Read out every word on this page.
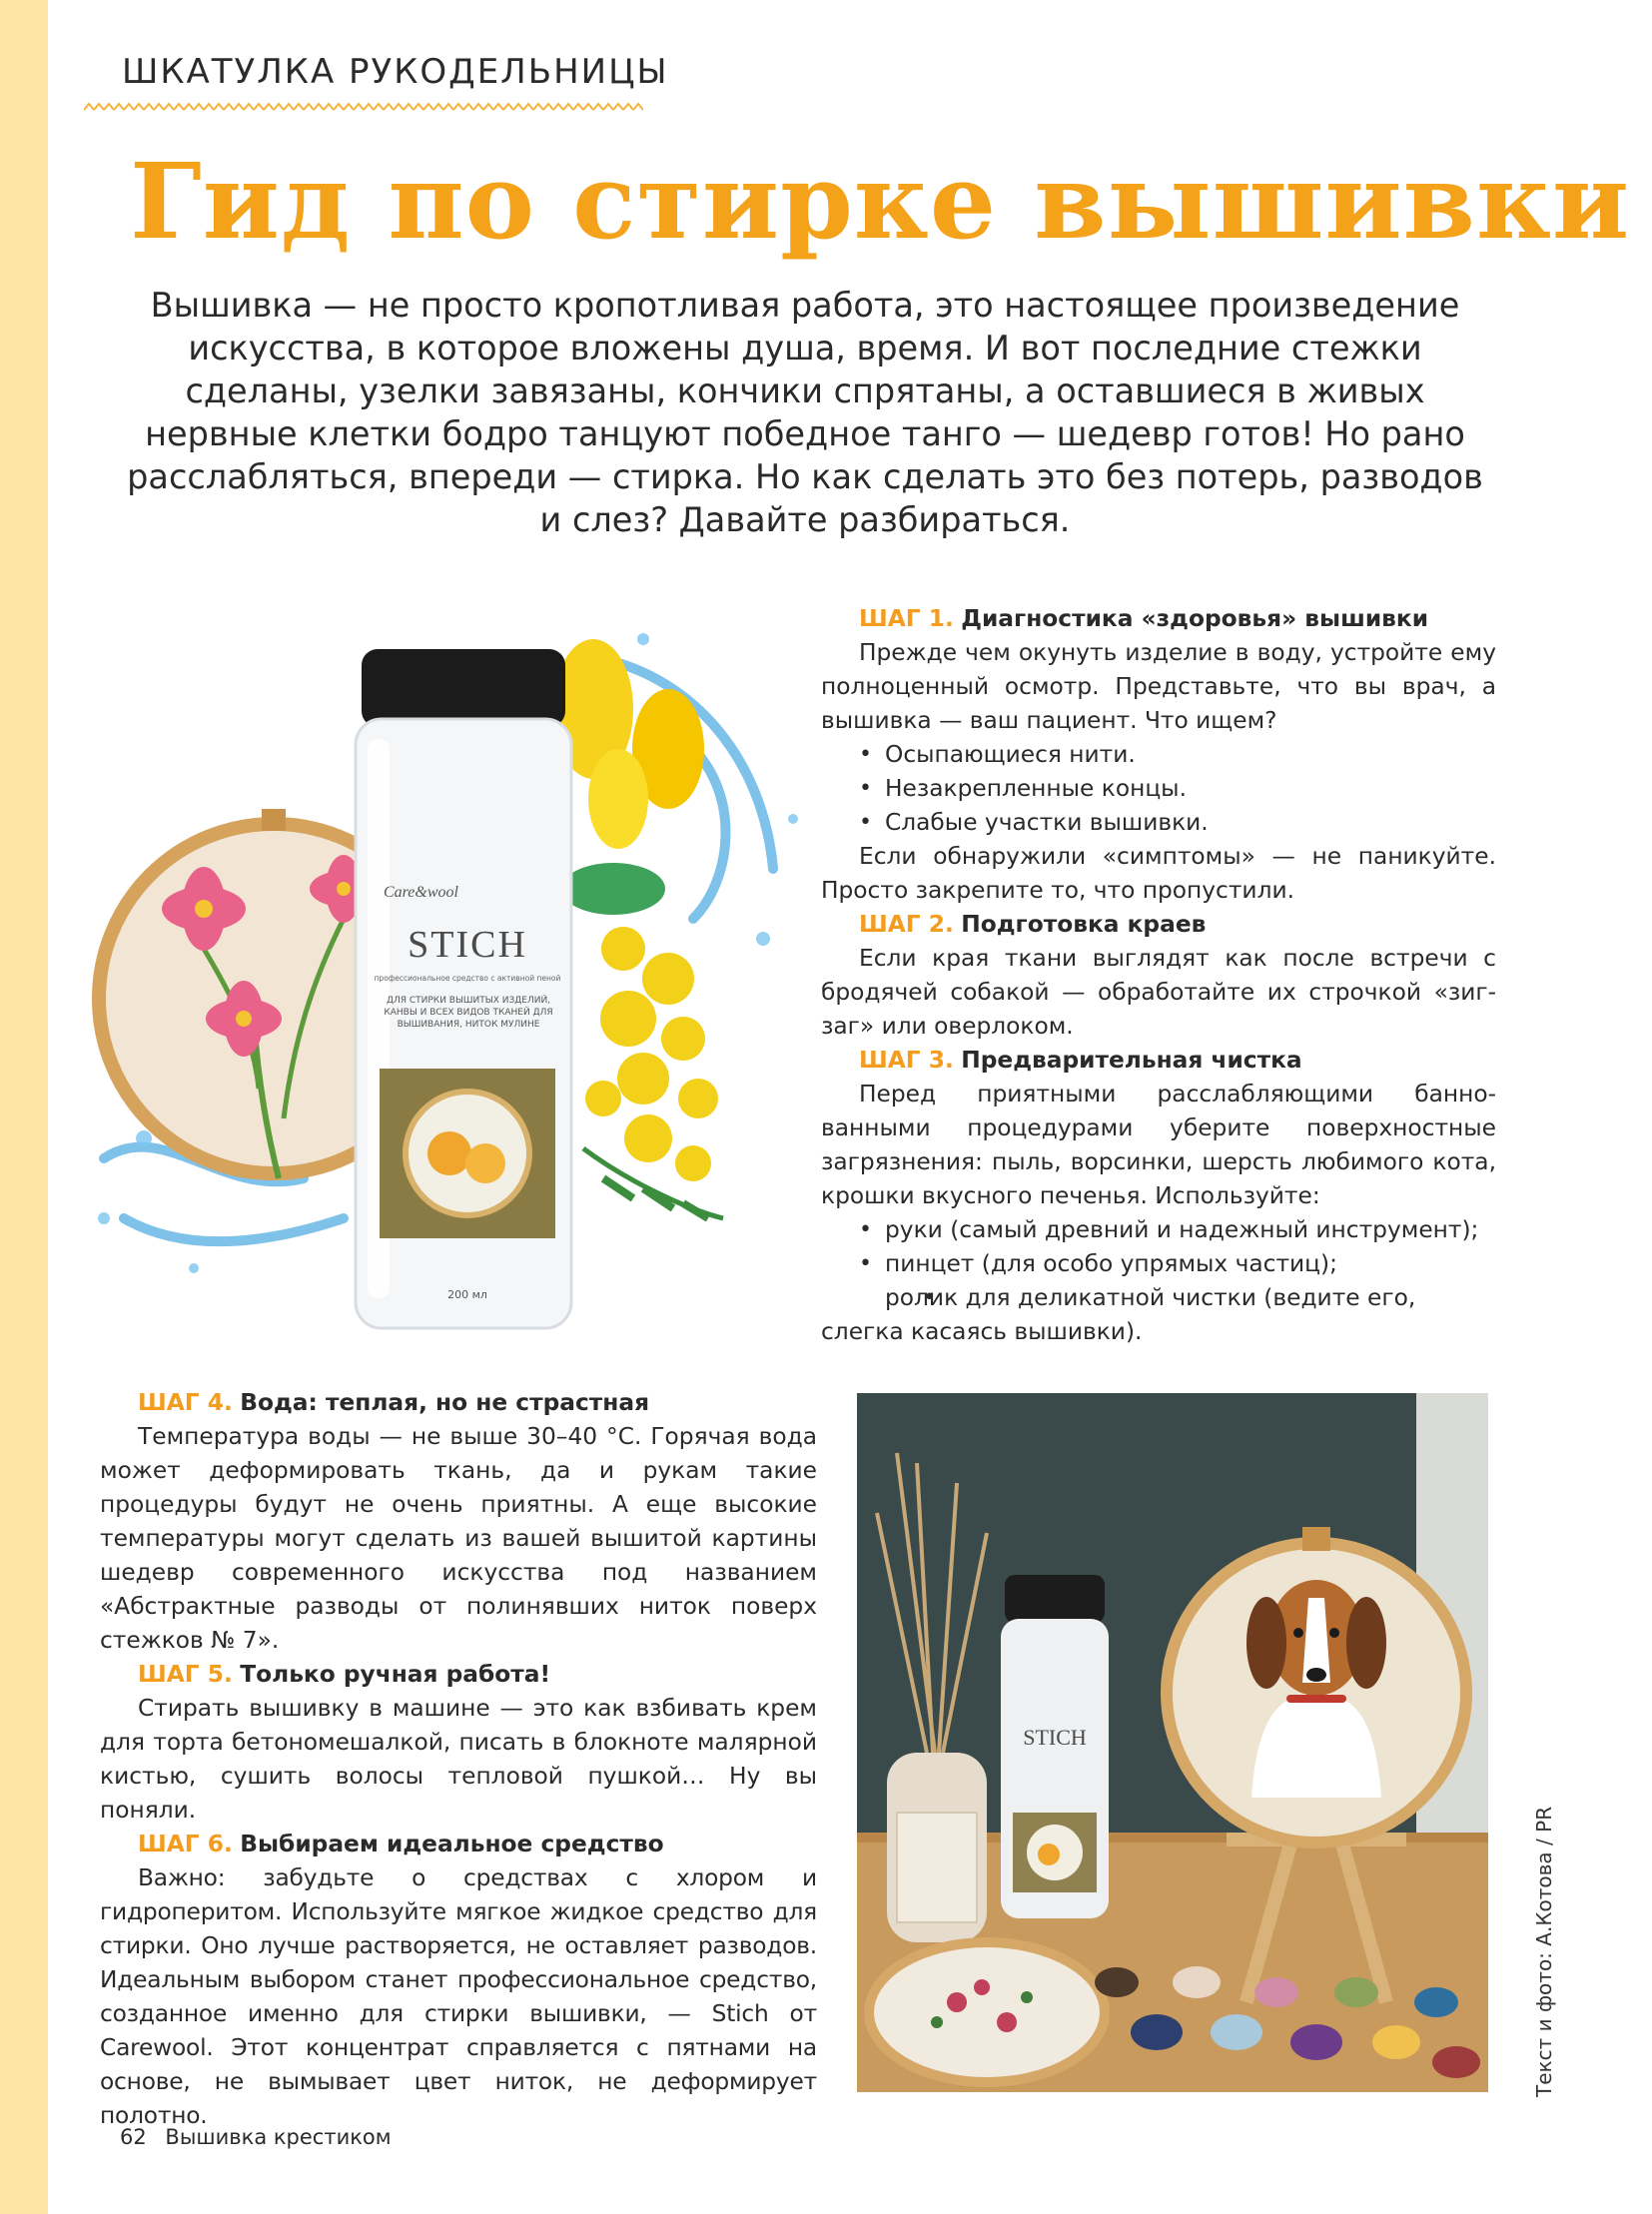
ШКАТУЛКА РУКОДЕЛЬНИЦЫ
Гид по стирке вышивки

Вышивка — не просто кропотливая работа, это настоящее произведение искусства, в которое вложены душа, время. И вот последние стежки сделаны, узелки завязаны, кончики спрятаны, а оставшиеся в живых нервные клетки бодро танцуют победное танго — шедевр готов! Но рано расслабляться, впереди — стирка. Но как сделать это без потерь, разводов и слез? Давайте разбираться.

Care&wool
STICH
профессиональное средство с активной пеной
ДЛЯ СТИРКИ ВЫШИТЫХ ИЗДЕЛИЙ, КАНВЫ И ВСЕХ ВИДОВ ТКАНЕЙ ДЛЯ ВЫШИВАНИЯ, НИТОК МУЛИНЕ
200 мл
ШАГ 1. Диагностика «здоровья» вышивки

Прежде чем окунуть изделие в воду, устройте ему полноценный осмотр. Представьте, что вы врач, а вышивка — ваш пациент. Что ищем?

• Осыпающиеся нити.
• Незакрепленные концы.
• Слабые участки вышивки.

Если обнаружили «симптомы» — не паникуйте. Просто закрепите то, что пропустили.

ШАГ 2. Подготовка краев

Если края ткани выглядят как после встречи с бродячей собакой — обработайте их строчкой «зиг-заг» или оверлоком.

ШАГ 3. Предварительная чистка

Перед приятными расслабляющими банно-ванными процедурами уберите поверхностные загрязнения: пыль, ворсинки, шерсть любимого кота, крошки вкусного печенья. Используйте:

• руки (самый древний и надежный инструмент);
• пинцет (для особо упрямых частиц);
• ролик для деликатной чистки (ведите его, слегка касаясь вышивки).
ШАГ 4. Вода: теплая, но не страстная

Температура воды — не выше 30–40 °С. Горячая вода может деформировать ткань, да и рукам такие процедуры будут не очень приятны. А еще высокие температуры могут сделать из вашей вышитой картины шедевр современного искусства под названием «Абстрактные разводы от полинявших ниток поверх стежков № 7».

ШАГ 5. Только ручная работа!

Стирать вышивку в машине — это как взбивать крем для торта бетономешалкой, писать в блокноте малярной кистью, сушить волосы тепловой пушкой… Ну вы поняли.

ШАГ 6. Выбираем идеальное средство

Важно: забудьте о средствах с хлором и гидроперитом. Используйте мягкое жидкое средство для стирки. Оно лучше растворяется, не оставляет разводов. Идеальным выбором станет профессиональное средство, созданное именно для стирки вышивки, — Stich от Carewool. Этот концентрат справляется с пятнами на основе, не вымывает цвет ниток, не деформирует полотно.

STICH
Текст и фото: А.Котова / PR
62 Вышивка крестиком
